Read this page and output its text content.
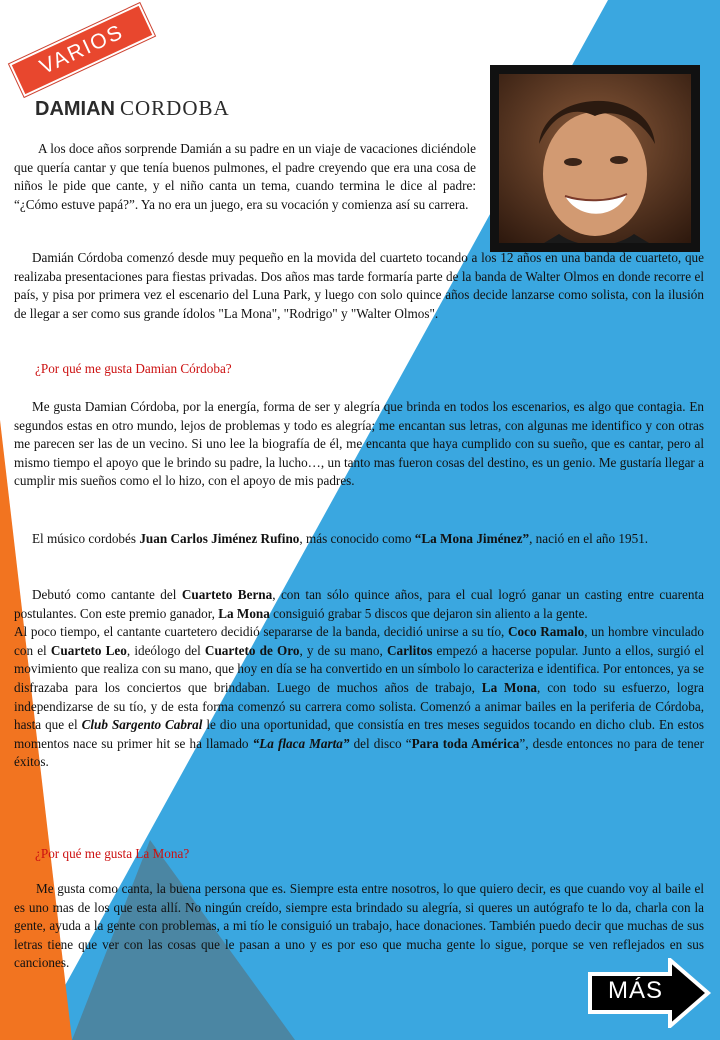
VARIOS
DAMIAN CORDOBA

A los doce años sorprende Damián a su padre en un viaje de vacaciones diciéndole que quería cantar y que tenía buenos pulmones, el padre creyendo que era una cosa de niños le pide que cante, y el niño canta un tema, cuando termina le dice al padre: “¿Cómo estuve papá?”. Ya no era un juego, era su vocación y comienza así su carrera.

Damián Córdoba comenzó desde muy pequeño en la movida del cuarteto tocando a los 12 años en una banda de cuarteto, que realizaba presentaciones para fiestas privadas. Dos años mas tarde formaría parte de la banda de Walter Olmos en donde recorre el país, y pisa por primera vez el escenario del Luna Park, y luego con solo quince años decide lanzarse como solista, con la ilusión de llegar a ser como sus grande ídolos "La Mona", "Rodrigo" y "Walter Olmos".

¿Por qué me gusta Damian Córdoba?

Me gusta Damian Córdoba, por la energía, forma de ser y alegría que brinda en todos los escenarios, es algo que contagia. En segundos estas en otro mundo, lejos de problemas y todo es alegría; me encantan sus letras, con algunas me identifico y con otras me parecen ser las de un vecino. Si uno lee la biografía de él, me encanta que haya cumplido con su sueño, que es cantar, pero al mismo tiempo el apoyo que le brindo su padre, la lucho…, un tanto mas fueron cosas del destino, es un genio. Me gustaría llegar a cumplir mis sueños como el lo hizo, con el apoyo de mis padres.

El músico cordobés Juan Carlos Jiménez Rufino, más conocido como “La Mona Jiménez”, nació en el año 1951.

Debutó como cantante del Cuarteto Berna, con tan sólo quince años, para el cual logró ganar un casting entre cuarenta postulantes. Con este premio ganador, La Mona consiguió grabar 5 discos que dejaron sin aliento a la gente.
Al poco tiempo, el cantante cuartetero decidió separarse de la banda, decidió unirse a su tío, Coco Ramalo, un hombre vinculado con el Cuarteto Leo, ideólogo del Cuarteto de Oro, y de su mano, Carlitos empezó a hacerse popular. Junto a ellos, surgió el movimiento que realiza con su mano, que hoy en día se ha convertido en un símbolo lo caracteriza e identifica. Por entonces, ya se disfrazaba para los conciertos que brindaban. Luego de muchos años de trabajo, La Mona, con todo su esfuerzo, logra independizarse de su tío, y de esta forma comenzó su carrera como solista. Comenzó a animar bailes en la periferia de Córdoba, hasta que el Club Sargento Cabral le dio una oportunidad, que consistía en tres meses seguidos tocando en dicho club. En estos momentos nace su primer hit se ha llamado “La flaca Marta” del disco “Para toda América”, desde entonces no para de tener éxitos.

¿Por qué me gusta La Mona?

Me gusta como canta, la buena persona que es. Siempre esta entre nosotros, lo que quiero decir, es que cuando voy al baile el es uno mas de los que esta allí. No ningún creído, siempre esta brindado su alegría, si queres un autógrafo te lo da, charla con la gente, ayuda a la gente con problemas, a mi tío le consiguió un trabajo, hace donaciones. También puedo decir que muchas de sus letras tiene que ver con las cosas que le pasan a uno y es por eso que mucha gente lo sigue, porque se ven reflejados en sus canciones.

MÁS
